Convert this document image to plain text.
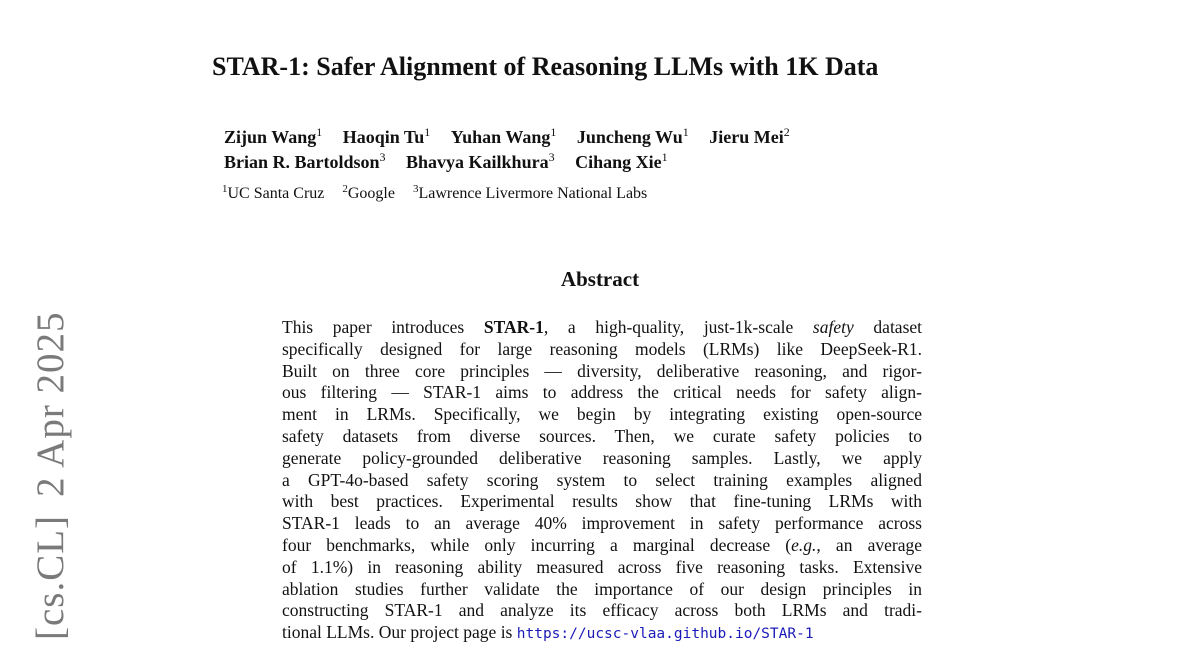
[cs.CL]2 Apr 2025
STAR-1: Safer Alignment of Reasoning LLMs with 1K Data
Zijun Wang$^1$ Haoqin Tu$^1$ Yuhan Wang$^1$ Juncheng Wu$^1$ Jieru Mei$^2$
Brian R. Bartoldson$^3$ Bhavya Kailkhura$^3$ Cihang Xie$^1$
$^1$UC Santa Cruz $^2$Google $^3$Lawrence Livermore National Labs
Abstract
This paper introduces STAR-1, a high-quality, just-1k-scale safety dataset
specifically designed for large reasoning models (LRMs) like DeepSeek-R1.
Built on three core principles — diversity, deliberative reasoning, and rigor-
ous filtering — STAR-1 aims to address the critical needs for safety align-
ment in LRMs. Specifically, we begin by integrating existing open-source
safety datasets from diverse sources. Then, we curate safety policies to
generate policy-grounded deliberative reasoning samples. Lastly, we apply
a GPT-4o-based safety scoring system to select training examples aligned
with best practices. Experimental results show that fine-tuning LRMs with
STAR-1 leads to an average 40% improvement in safety performance across
four benchmarks, while only incurring a marginal decrease (e.g., an average
of 1.1%) in reasoning ability measured across five reasoning tasks. Extensive
ablation studies further validate the importance of our design principles in
constructing STAR-1 and analyze its efficacy across both LRMs and tradi-
tional LLMs. Our project page is https://ucsc-vlaa.github.io/STAR-1
